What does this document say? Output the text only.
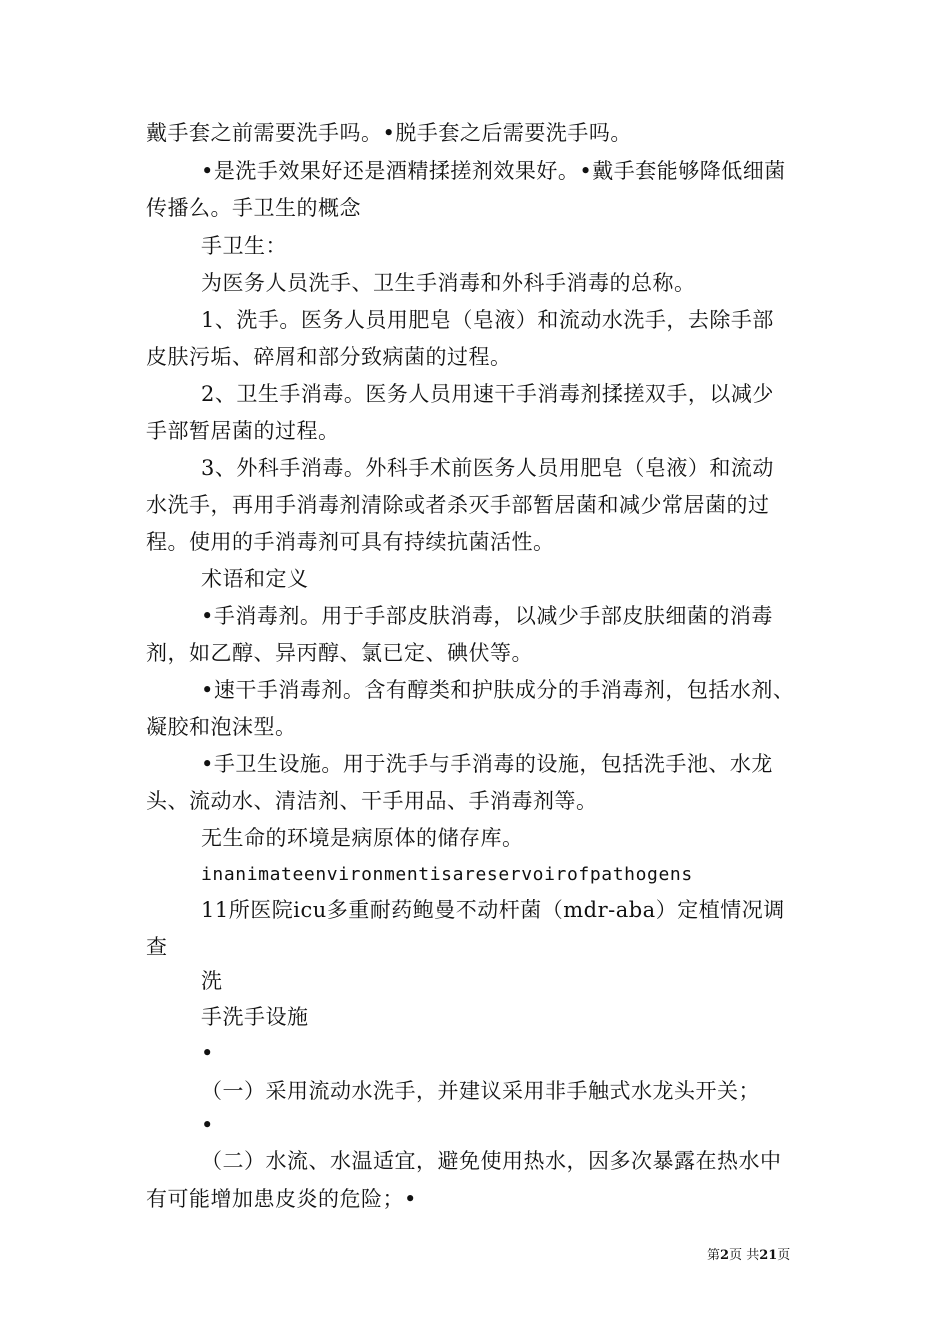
戴手套之前需要洗手吗。•脱手套之后需要洗手吗。
•是洗手效果好还是酒精揉搓剂效果好。•戴手套能够降低细菌
传播么。手卫生的概念
手卫生：
为医务人员洗手、卫生手消毒和外科手消毒的总称。
1、洗手。医务人员用肥皂（皂液）和流动水洗手，去除手部
皮肤污垢、碎屑和部分致病菌的过程。
2、卫生手消毒。医务人员用速干手消毒剂揉搓双手，以减少
手部暂居菌的过程。
3、外科手消毒。外科手术前医务人员用肥皂（皂液）和流动
水洗手，再用手消毒剂清除或者杀灭手部暂居菌和减少常居菌的过
程。使用的手消毒剂可具有持续抗菌活性。
术语和定义
•手消毒剂。用于手部皮肤消毒，以减少手部皮肤细菌的消毒
剂，如乙醇、异丙醇、氯已定、碘伏等。
•速干手消毒剂。含有醇类和护肤成分的手消毒剂，包括水剂、
凝胶和泡沫型。
•手卫生设施。用于洗手与手消毒的设施，包括洗手池、水龙
头、流动水、清洁剂、干手用品、手消毒剂等。
无生命的环境是病原体的储存库。
inanimateenvironmentisareservoirofpathogens
11所医院icu多重耐药鲍曼不动杆菌（mdr-aba）定植情况调
查
洗
手洗手设施
•
（一）采用流动水洗手，并建议采用非手触式水龙头开关；
•
（二）水流、水温适宜，避免使用热水，因多次暴露在热水中
有可能增加患皮炎的危险；•
第2页 共21页
